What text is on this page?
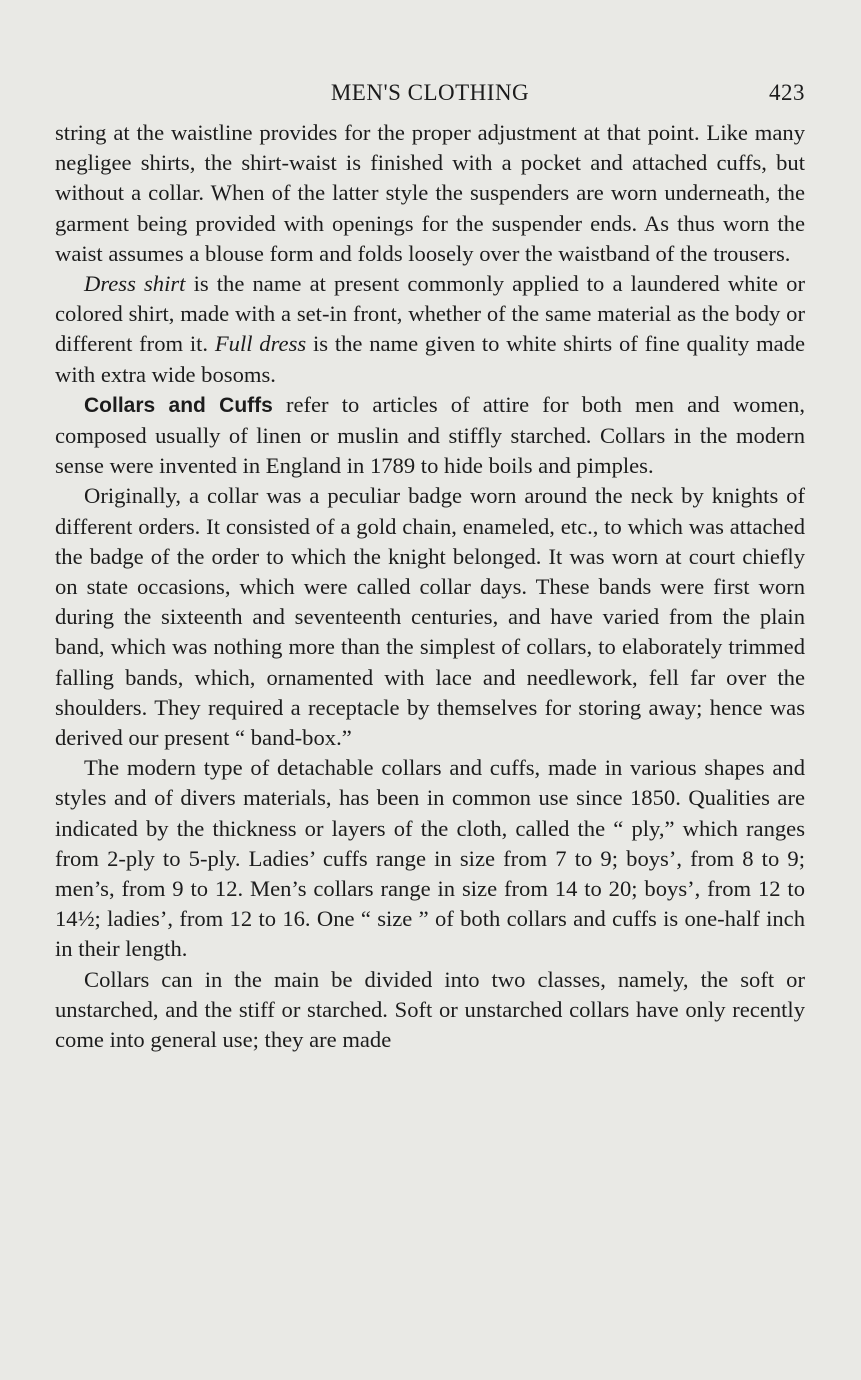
MEN'S CLOTHING	423

string at the waistline provides for the proper adjustment at that point. Like many negligee shirts, the shirt-waist is finished with a pocket and attached cuffs, but without a collar. When of the latter style the suspenders are worn underneath, the garment being provided with openings for the suspender ends. As thus worn the waist assumes a blouse form and folds loosely over the waistband of the trousers.

Dress shirt is the name at present commonly applied to a laundered white or colored shirt, made with a set-in front, whether of the same material as the body or different from it. Full dress is the name given to white shirts of fine quality made with extra wide bosoms.

Collars and Cuffs refer to articles of attire for both men and women, composed usually of linen or muslin and stiffly starched. Collars in the modern sense were invented in England in 1789 to hide boils and pimples.

Originally, a collar was a peculiar badge worn around the neck by knights of different orders. It consisted of a gold chain, enameled, etc., to which was attached the badge of the order to which the knight belonged. It was worn at court chiefly on state occasions, which were called collar days. These bands were first worn during the sixteenth and seventeenth centuries, and have varied from the plain band, which was nothing more than the simplest of collars, to elaborately trimmed falling bands, which, ornamented with lace and needlework, fell far over the shoulders. They required a receptacle by themselves for storing away; hence was derived our present “ band-box.”

The modern type of detachable collars and cuffs, made in various shapes and styles and of divers materials, has been in common use since 1850. Qualities are indicated by the thickness or layers of the cloth, called the “ ply,” which ranges from 2-ply to 5-ply. Ladies’ cuffs range in size from 7 to 9; boys’, from 8 to 9; men’s, from 9 to 12. Men’s collars range in size from 14 to 20; boys’, from 12 to 14½; ladies’, from 12 to 16. One “ size ” of both collars and cuffs is one-half inch in their length.

Collars can in the main be divided into two classes, namely, the soft or unstarched, and the stiff or starched. Soft or unstarched collars have only recently come into general use; they are made
